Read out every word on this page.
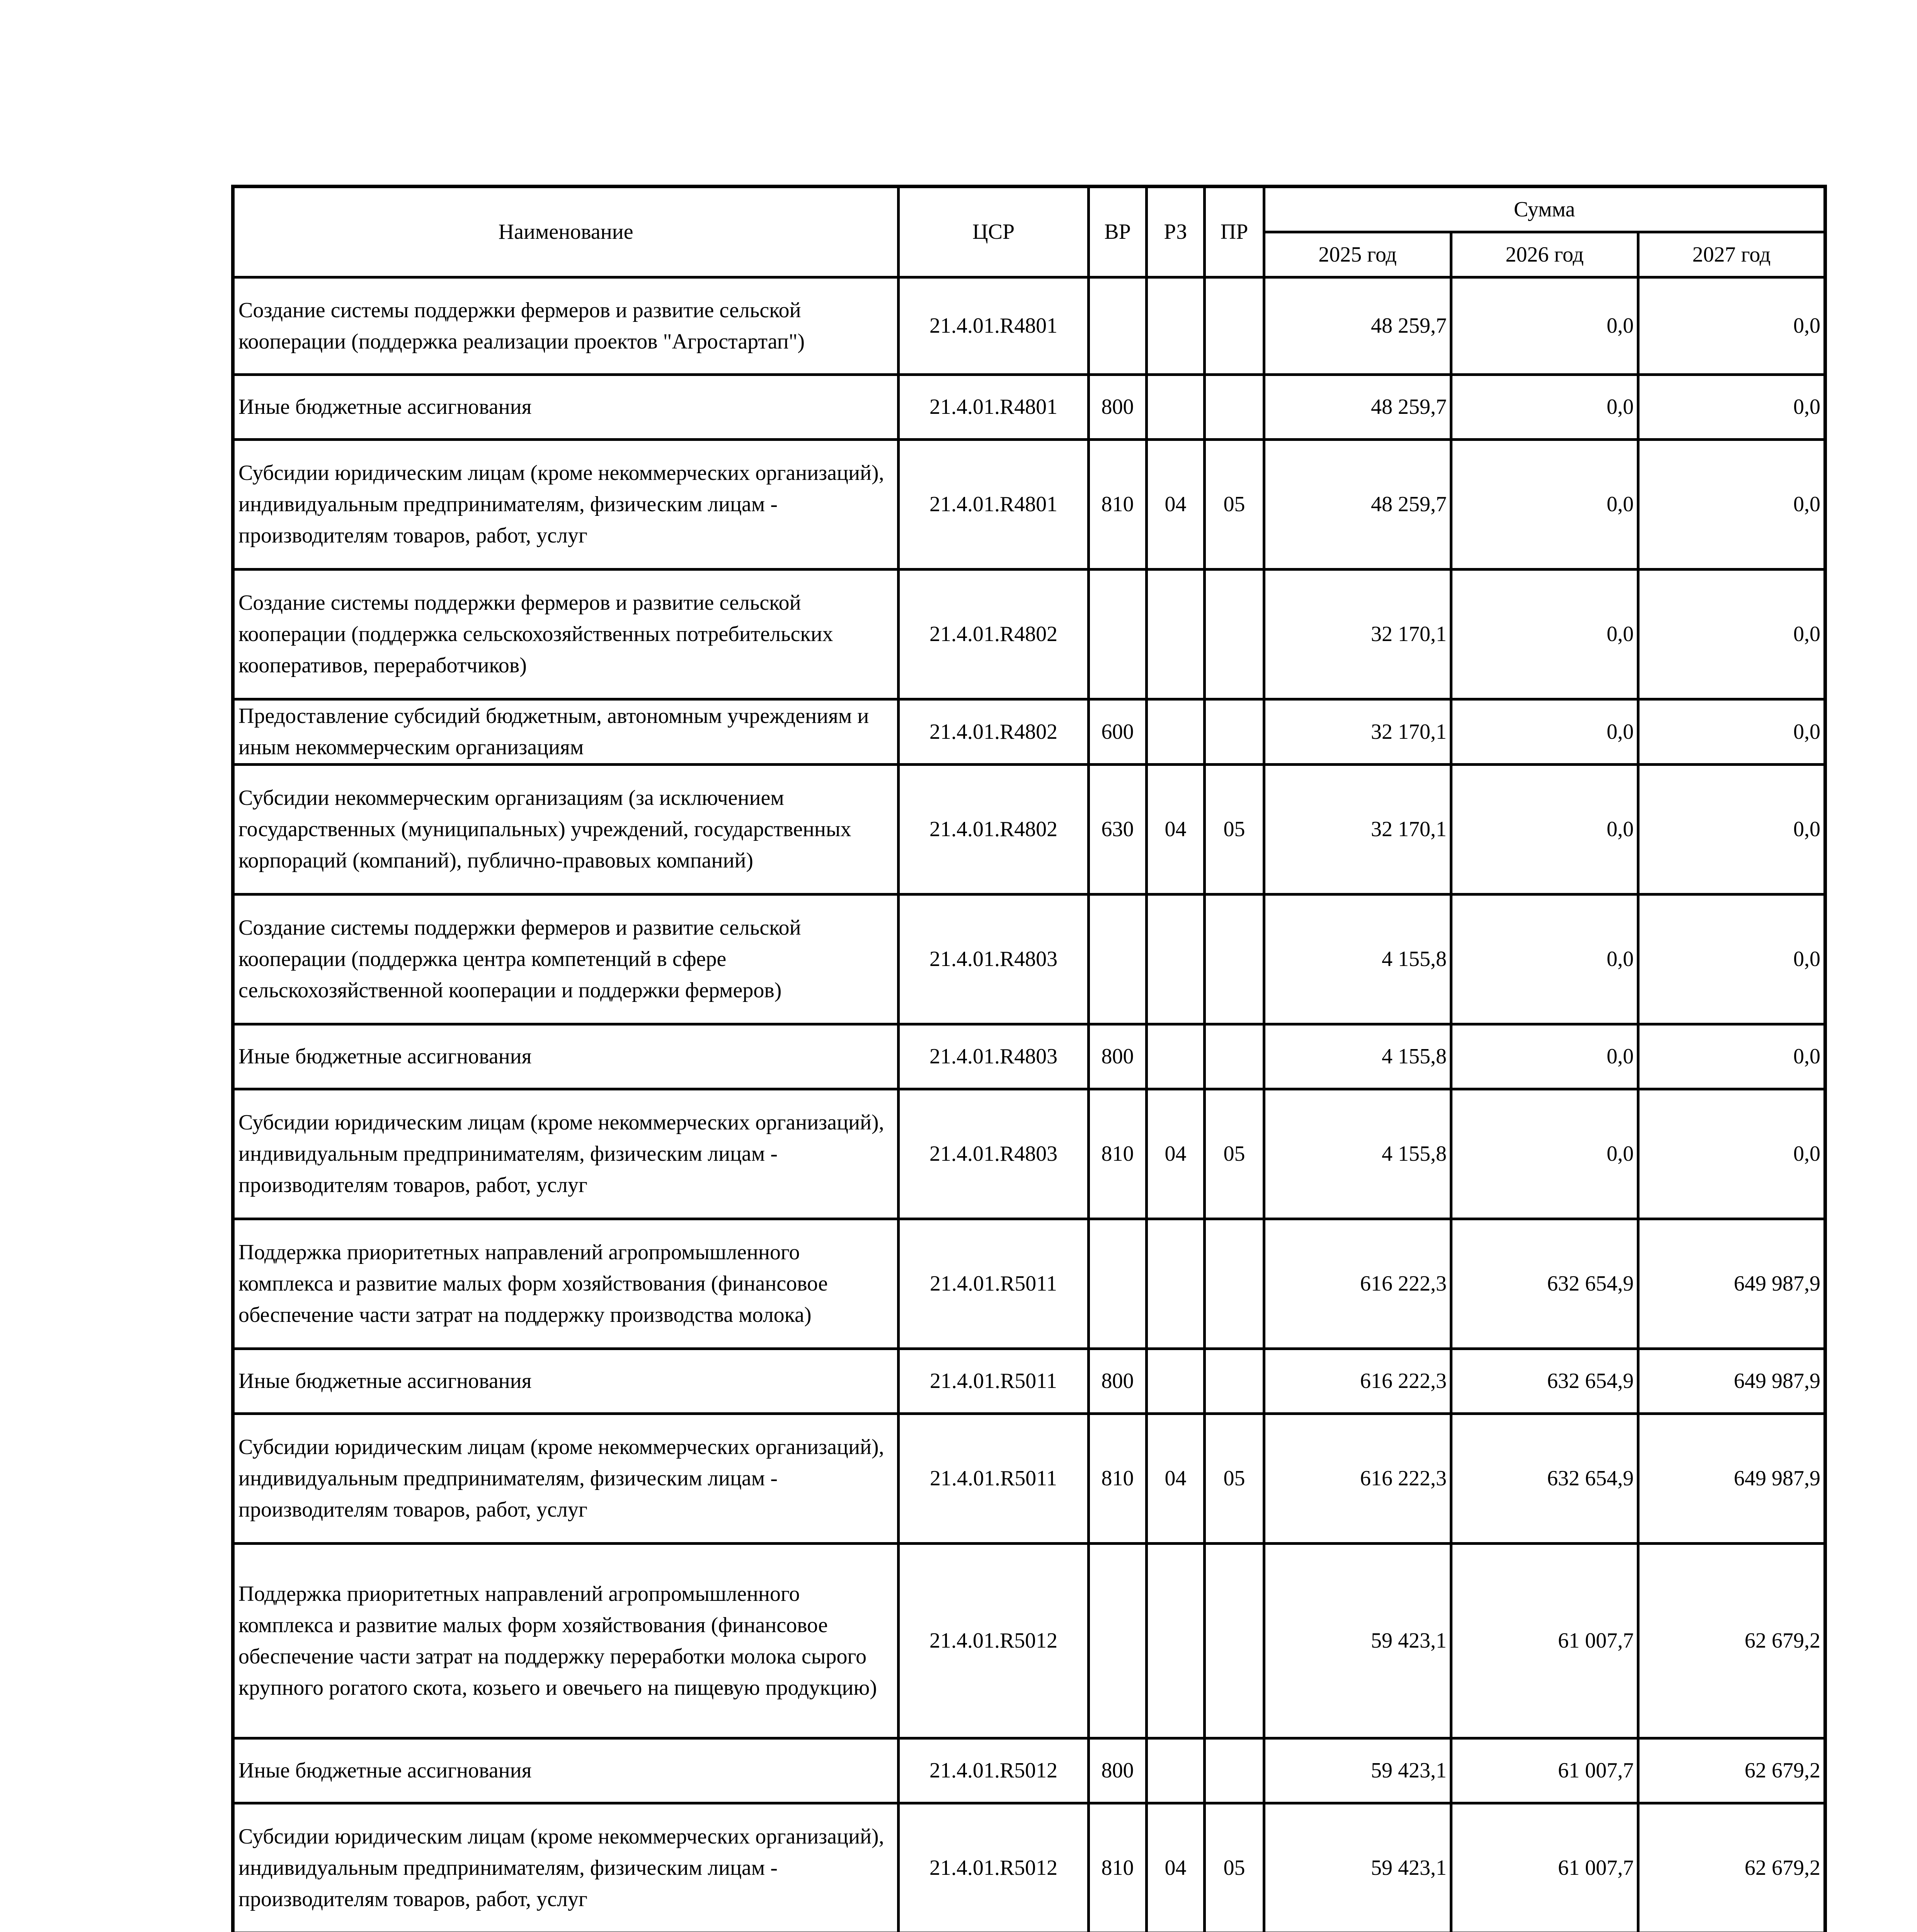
Наименование	ЦСР	ВР	РЗ	ПР	Сумма		
					2025 год	2026 год	2027 год
Создание системы поддержки фермеров и развитие сельской кооперации (поддержка реализации проектов "Агростартап")	21.4.01.R4801				48 259,7	0,0	0,0
Иные бюджетные ассигнования	21.4.01.R4801	800			48 259,7	0,0	0,0
Субсидии юридическим лицам (кроме некоммерческих организаций), индивидуальным предпринимателям, физическим лицам - производителям товаров, работ, услуг	21.4.01.R4801	810	04	05	48 259,7	0,0	0,0
Создание системы поддержки фермеров и развитие сельской кооперации (поддержка сельскохозяйственных потребительских кооперативов, переработчиков)	21.4.01.R4802				32 170,1	0,0	0,0
Предоставление субсидий бюджетным, автономным учреждениям и иным некоммерческим организациям	21.4.01.R4802	600			32 170,1	0,0	0,0
Субсидии некоммерческим организациям (за исключением государственных (муниципальных) учреждений, государственных корпораций (компаний), публично-правовых компаний)	21.4.01.R4802	630	04	05	32 170,1	0,0	0,0
Создание системы поддержки фермеров и развитие сельской кооперации (поддержка центра компетенций в сфере сельскохозяйственной кооперации и поддержки фермеров)	21.4.01.R4803				4 155,8	0,0	0,0
Иные бюджетные ассигнования	21.4.01.R4803	800			4 155,8	0,0	0,0
Субсидии юридическим лицам (кроме некоммерческих организаций), индивидуальным предпринимателям, физическим лицам - производителям товаров, работ, услуг	21.4.01.R4803	810	04	05	4 155,8	0,0	0,0
Поддержка приоритетных направлений агропромышленного комплекса и развитие малых форм хозяйствования (финансовое обеспечение части затрат на поддержку производства молока)	21.4.01.R5011				616 222,3	632 654,9	649 987,9
Иные бюджетные ассигнования	21.4.01.R5011	800			616 222,3	632 654,9	649 987,9
Субсидии юридическим лицам (кроме некоммерческих организаций), индивидуальным предпринимателям, физическим лицам - производителям товаров, работ, услуг	21.4.01.R5011	810	04	05	616 222,3	632 654,9	649 987,9
Поддержка приоритетных направлений агропромышленного комплекса и развитие малых форм хозяйствования (финансовое обеспечение части затрат на поддержку переработки молока сырого крупного рогатого скота, козьего и овечьего на пищевую продукцию)	21.4.01.R5012				59 423,1	61 007,7	62 679,2
Иные бюджетные ассигнования	21.4.01.R5012	800			59 423,1	61 007,7	62 679,2
Субсидии юридическим лицам (кроме некоммерческих организаций), индивидуальным предпринимателям, физическим лицам - производителям товаров, работ, услуг	21.4.01.R5012	810	04	05	59 423,1	61 007,7	62 679,2
